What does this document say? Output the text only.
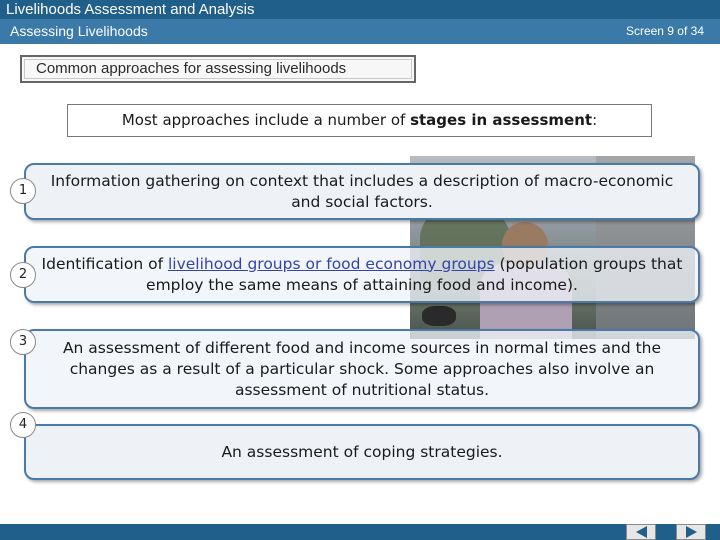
Livelihoods Assessment and Analysis
Assessing Livelihoods	Screen 9 of 34
Common approaches for assessing livelihoods
Most approaches include a number of stages in assessment:
Information gathering on context that includes a description of macro-economic and social factors.
1
Identification of livelihood groups or food economy groups (population groups that employ the same means of attaining food and income).
2
An assessment of different food and income sources in normal times and the changes as a result of a particular shock. Some approaches also involve an assessment of nutritional status.
3
An assessment of coping strategies.
4
